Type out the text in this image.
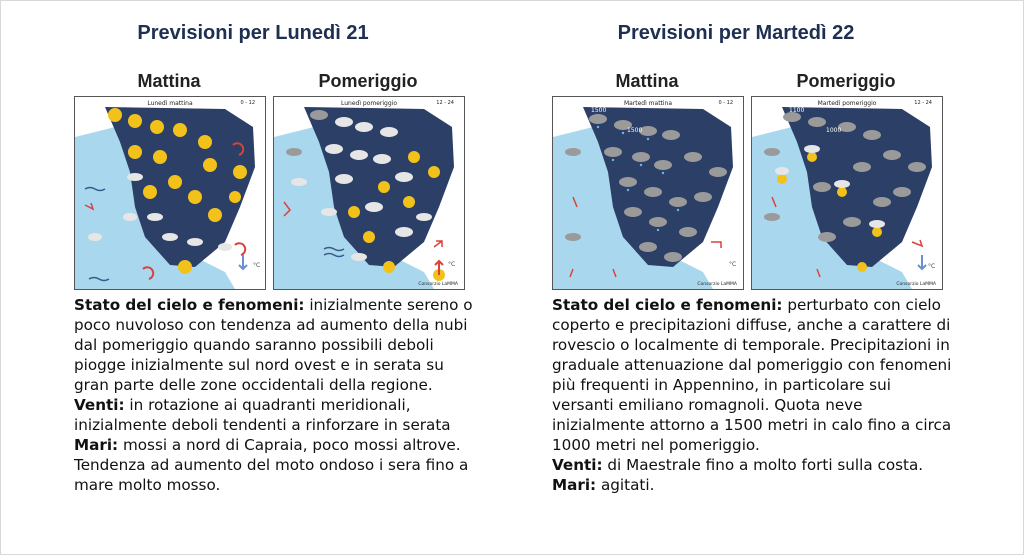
Previsioni per Lunedì 21
Mattina	Pomeriggio
Lunedì mattina	0 - 12
°C
Lunedì pomeriggio	12 - 24
°C
Consorzio LaMMA

Stato del cielo e fenomeni: inizialmente sereno o poco nuvoloso con tendenza ad aumento della nubi dal pomeriggio quando saranno possibili deboli piogge inizialmente sul nord ovest e in serata su gran parte delle zone occidentali della regione.

Venti: in rotazione ai quadranti meridionali, inizialmente deboli tendenti a rinforzare in serata

Mari: mossi a nord di Capraia, poco mossi altrove. Tendenza ad aumento del moto ondoso i sera fino a mare molto mosso.

Previsioni per Martedì 22
Mattina	Pomeriggio
Martedì mattina	0 - 12
1500
1500
°C
Consorzio LaMMA
Martedì pomeriggio	12 - 24
1100
1000
°C
Consorzio LaMMA

Stato del cielo e fenomeni: perturbato con cielo coperto e precipitazioni diffuse, anche a carattere di rovescio o localmente di temporale. Precipitazioni in graduale attenuazione dal pomeriggio con fenomeni più frequenti in Appennino, in particolare sui versanti emiliano romagnoli. Quota neve inizialmente attorno a 1500 metri in calo fino a circa 1000 metri nel pomeriggio.

Venti: di Maestrale fino a molto forti sulla costa.

Mari: agitati.
